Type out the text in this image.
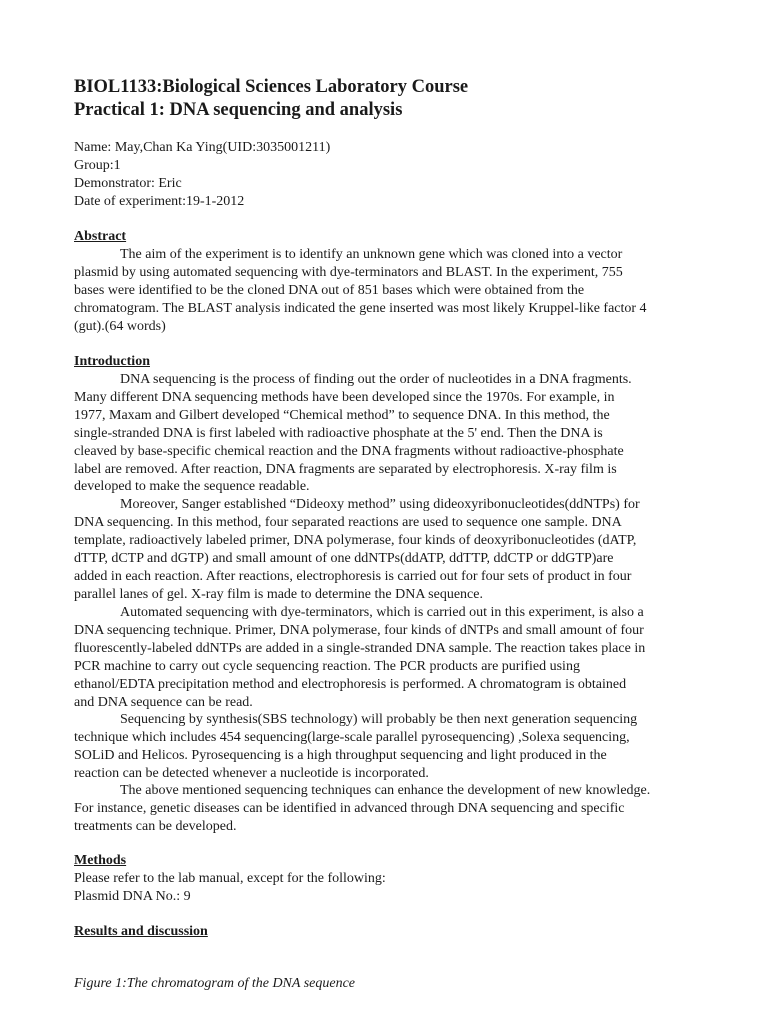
BIOL1133:Biological Sciences Laboratory Course
Practical 1: DNA sequencing and analysis
Name: May,Chan Ka Ying(UID:3035001211)
Group:1
Demonstrator: Eric
Date of experiment:19-1-2012
Abstract
The aim of the experiment is to identify an unknown gene which was cloned into a vector
plasmid by using automated sequencing with dye-terminators and BLAST. In the experiment, 755
bases were identified to be the cloned DNA out of 851 bases which were obtained from the
chromatogram. The BLAST analysis indicated the gene inserted was most likely Kruppel-like factor 4
(gut).(64 words)
Introduction
DNA sequencing is the process of finding out the order of nucleotides in a DNA fragments.
Many different DNA sequencing methods have been developed since the 1970s. For example, in
1977, Maxam and Gilbert developed “Chemical method” to sequence DNA. In this method, the
single-stranded DNA is first labeled with radioactive phosphate at the 5' end. Then the DNA is
cleaved by base-specific chemical reaction and the DNA fragments without radioactive-phosphate
label are removed. After reaction, DNA fragments are separated by electrophoresis. X-ray film is
developed to make the sequence readable.
Moreover, Sanger established “Dideoxy method” using dideoxyribonucleotides(ddNTPs) for
DNA sequencing. In this method, four separated reactions are used to sequence one sample. DNA
template, radioactively labeled primer, DNA polymerase, four kinds of deoxyribonucleotides (dATP,
dTTP, dCTP and dGTP) and small amount of one ddNTPs(ddATP, ddTTP, ddCTP or ddGTP)are
added in each reaction. After reactions, electrophoresis is carried out for four sets of product in four
parallel lanes of gel. X-ray film is made to determine the DNA sequence.
Automated sequencing with dye-terminators, which is carried out in this experiment, is also a
DNA sequencing technique. Primer, DNA polymerase, four kinds of dNTPs and small amount of four
fluorescently-labeled ddNTPs are added in a single-stranded DNA sample. The reaction takes place in
PCR machine to carry out cycle sequencing reaction. The PCR products are purified using
ethanol/EDTA precipitation method and electrophoresis is performed. A chromatogram is obtained
and DNA sequence can be read.
Sequencing by synthesis(SBS technology) will probably be then next generation sequencing
technique which includes 454 sequencing(large-scale parallel pyrosequencing) ,Solexa sequencing,
SOLiD and Helicos. Pyrosequencing is a high throughput sequencing and light produced in the
reaction can be detected whenever a nucleotide is incorporated.
The above mentioned sequencing techniques can enhance the development of new knowledge.
For instance, genetic diseases can be identified in advanced through DNA sequencing and specific
treatments can be developed.
Methods
Please refer to the lab manual, except for the following:
Plasmid DNA No.: 9
Results and discussion
Figure 1:The chromatogram of the DNA sequence
